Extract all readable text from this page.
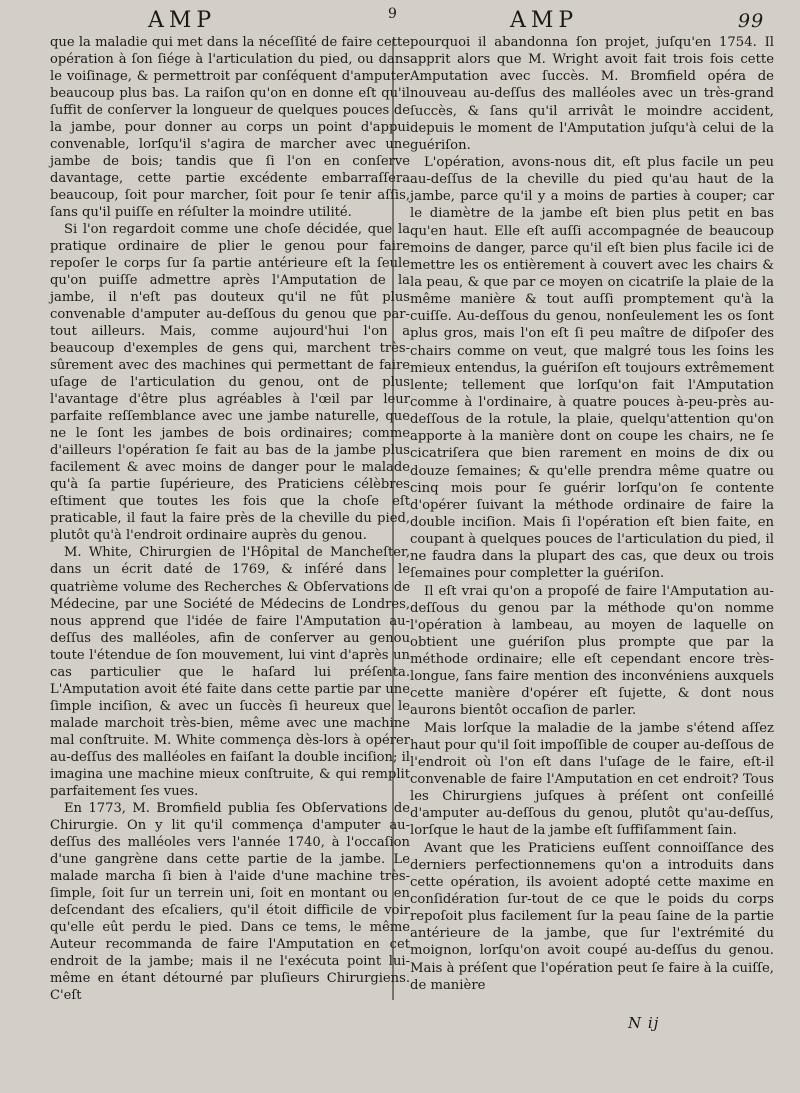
AMP	9	AMP	99

que la maladie qui met dans la néceſſité de faire cette opération à ſon ſiége à l'articulation du pied, ou dans le voiſinage, & permettroit par conſéquent d'amputer beaucoup plus bas. La raiſon qu'on en donne eſt qu'il ſuffit de conſerver la longueur de quelques pouces de la jambe, pour donner au corps un point d'appui convenable, lorſqu'il s'agira de marcher avec une jambe de bois; tandis que ſi l'on en conſerve davantage, cette partie excédente embarraſſera beaucoup, ſoit pour marcher, ſoit pour ſe tenir aſſis, ſans qu'il puiſſe en réſulter la moindre utilité.

Si l'on regardoit comme une choſe décidée, que la pratique ordinaire de plier le genou pour faire repoſer le corps ſur ſa partie antérieure eſt la ſeule qu'on puiſſe admettre après l'Amputation de la jambe, il n'eſt pas douteux qu'il ne fût plus convenable d'amputer au-deſſous du genou que par-tout ailleurs. Mais, comme aujourd'hui l'on a beaucoup d'exemples de gens qui, marchent très-sûrement avec des machines qui permettant de faire uſage de l'articulation du genou, ont de plus l'avantage d'être plus agréables à l'œil par leur parfaite reſſemblance avec une jambe naturelle, que ne le ſont les jambes de bois ordinaires; comme d'ailleurs l'opération ſe fait au bas de la jambe plus facilement & avec moins de danger pour le malade qu'à ſa partie ſupérieure, des Praticiens célèbres eſtiment que toutes les fois que la choſe eſt praticable, il faut la faire près de la cheville du pied, plutôt qu'à l'endroit ordinaire auprès du genou.

M. White, Chirurgien de l'Hôpital de Mancheſter, dans un écrit daté de 1769, & inſéré dans le quatrième volume des Recherches & Obſervations de Médecine, par une Société de Médecins de Londres, nous apprend que l'idée de faire l'Amputation au-deſſus des malléoles, afin de conſerver au genou toute l'étendue de ſon mouvement, lui vint d'après un cas particulier que le haſard lui préſenta. L'Amputation avoit été faite dans cette partie par une ſimple inciſion, & avec un ſuccès ſi heureux que le malade marchoit très-bien, même avec une machine mal conſtruite. M. White commença dès-lors à opérer au-deſſus des malléoles en faiſant la double inciſion; il imagina une machine mieux conſtruite, & qui remplit parfaitement ſes vues.

En 1773, M. Bromfield publia ſes Obſervations de Chirurgie. On y lit qu'il commença d'amputer au-deſſus des malléoles vers l'année 1740, à l'occaſion d'une gangrène dans cette partie de la jambe. Le malade marcha ſi bien à l'aide d'une machine très-ſimple, ſoit ſur un terrein uni, ſoit en montant ou en deſcendant des eſcaliers, qu'il étoit difficile de voir qu'elle eût perdu le pied. Dans ce tems, le même Auteur recommanda de faire l'Amputation en cet endroit de la jambe; mais il ne l'exécuta point lui-même en étant détourné par pluſieurs Chirurgiens. C'eſt

pourquoi il abandonna ſon projet, juſqu'en 1754. Il apprit alors que M. Wright avoit fait trois fois cette Amputation avec ſuccès. M. Bromfield opéra de nouveau au-deſſus des malléoles avec un très-grand ſuccès, & ſans qu'il arrivât le moindre accident, depuis le moment de l'Amputation juſqu'à celui de la guériſon.

L'opération, avons-nous dit, eſt plus facile un peu au-deſſus de la cheville du pied qu'au haut de la jambe, parce qu'il y a moins de parties à couper; car le diamètre de la jambe eſt bien plus petit en bas qu'en haut. Elle eſt auſſi accompagnée de beaucoup moins de danger, parce qu'il eſt bien plus facile ici de mettre les os entièrement à couvert avec les chairs & la peau, & que par ce moyen on cicatriſe la plaie de la même manière & tout auſſi promptement qu'à la cuiſſe. Au-deſſous du genou, nonſeulement les os ſont plus gros, mais l'on eſt ſi peu maître de diſpoſer des chairs comme on veut, que malgré tous les ſoins les mieux entendus, la guériſon eſt toujours extrêmement lente; tellement que lorſqu'on fait l'Amputation comme à l'ordinaire, à quatre pouces à-peu-près au-deſſous de la rotule, la plaie, quelqu'attention qu'on apporte à la manière dont on coupe les chairs, ne ſe cicatriſera que bien rarement en moins de dix ou douze ſemaines; & qu'elle prendra même quatre ou cinq mois pour ſe guérir lorſqu'on ſe contente d'opérer ſuivant la méthode ordinaire de faire la double inciſion. Mais ſi l'opération eſt bien faite, en coupant à quelques pouces de l'articulation du pied, il ne faudra dans la plupart des cas, que deux ou trois ſemaines pour completter la guériſon.

Il eſt vrai qu'on a propoſé de faire l'Amputation au-deſſous du genou par la méthode qu'on nomme l'opération à lambeau, au moyen de laquelle on obtient une guériſon plus prompte que par la méthode ordinaire; elle eſt cependant encore très-longue, ſans faire mention des inconvéniens auxquels cette manière d'opérer eſt ſujette, & dont nous aurons bientôt occaſion de parler.

Mais lorſque la maladie de la jambe s'étend aſſez haut pour qu'il ſoit impoſſible de couper au-deſſous de l'endroit où l'on eſt dans l'uſage de le faire, eſt-il convenable de faire l'Amputation en cet endroit? Tous les Chirurgiens juſques à préſent ont conſeillé d'amputer au-deſſous du genou, plutôt qu'au-deſſus, lorſque le haut de la jambe eſt ſuffiſamment ſain.

Avant que les Praticiens euſſent connoiſſance des derniers perfectionnemens qu'on a introduits dans cette opération, ils avoient adopté cette maxime en conſidération ſur-tout de ce que le poids du corps repoſoit plus facilement ſur la peau ſaine de la partie antérieure de la jambe, que ſur l'extrémité du moignon, lorſqu'on avoit coupé au-deſſus du genou. Mais à préſent que l'opération peut ſe faire à la cuiſſe, de manière

N ij
